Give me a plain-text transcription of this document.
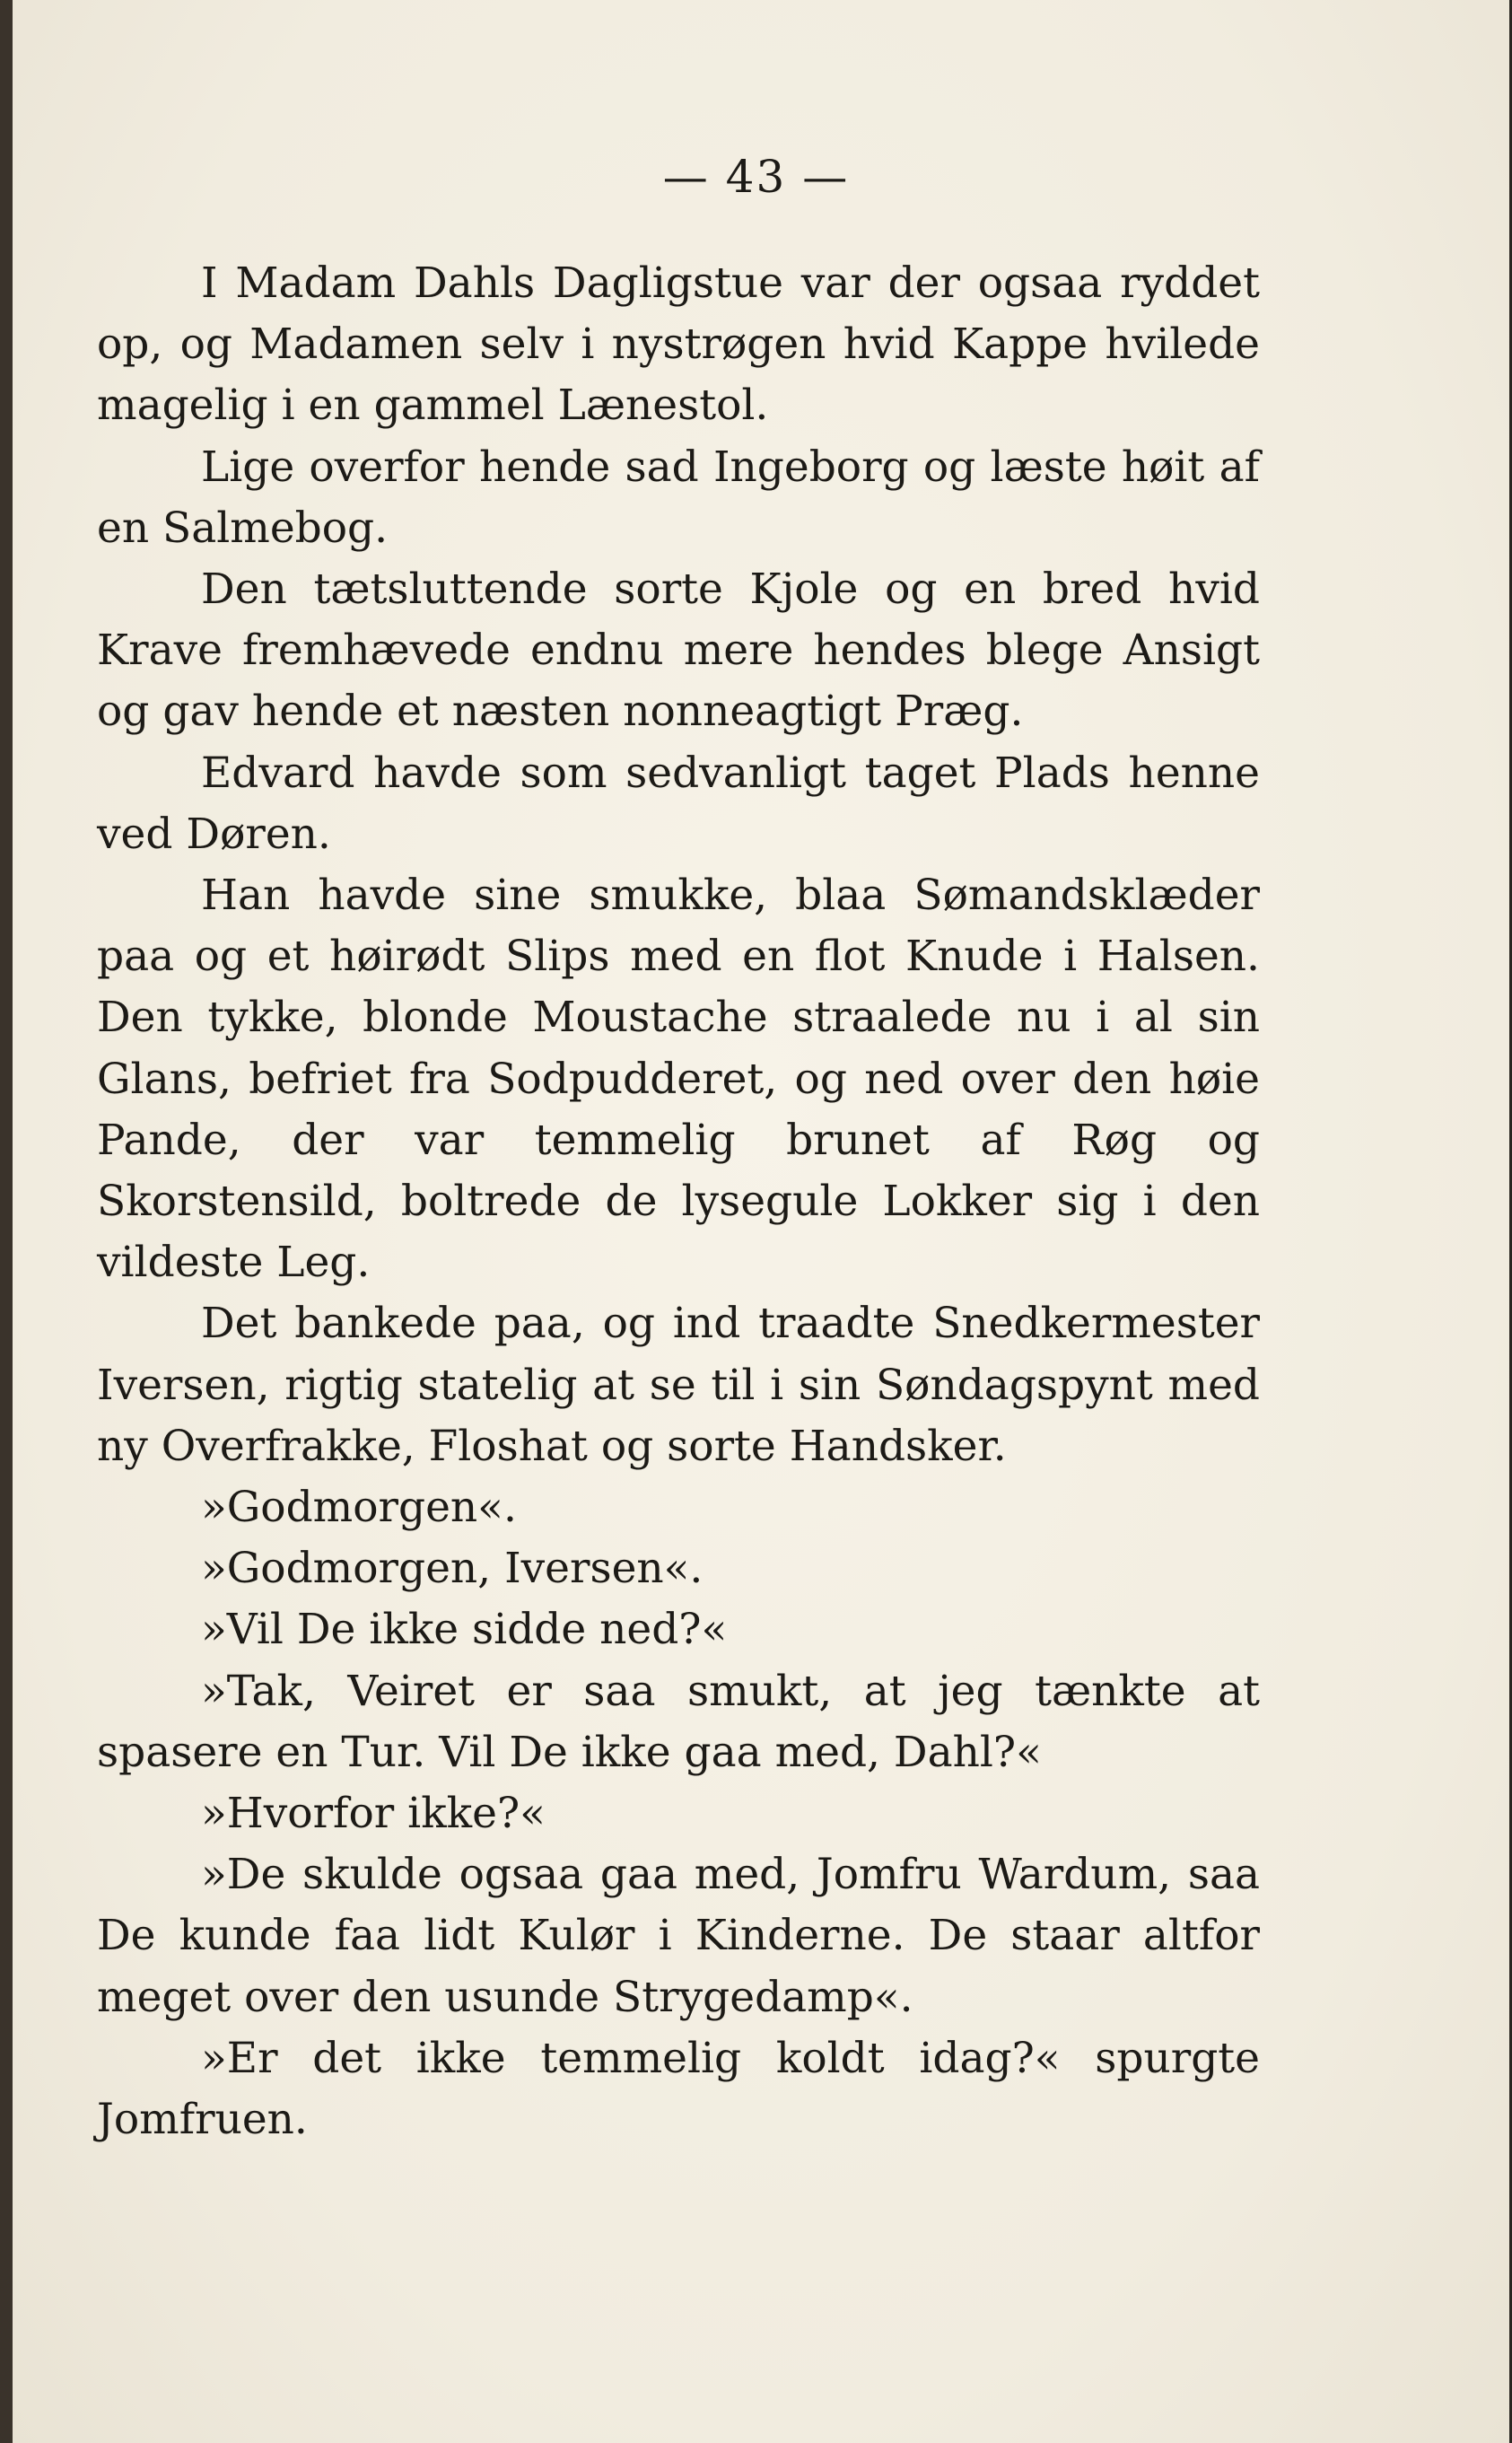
— 43 —

I Madam Dahls Dagligstue var der ogsaa ryddet op, og Madamen selv i nystrøgen hvid Kappe hvilede magelig i en gammel Lænestol.

Lige overfor hende sad Ingeborg og læste høit af en Salmebog.

Den tætsluttende sorte Kjole og en bred hvid Krave fremhævede endnu mere hendes blege Ansigt og gav hende et næsten nonneagtigt Præg.

Edvard havde som sedvanligt taget Plads henne ved Døren.

Han havde sine smukke, blaa Sømandsklæder paa og et høirødt Slips med en flot Knude i Halsen. Den tykke, blonde Moustache straalede nu i al sin Glans, befriet fra Sodpudderet, og ned over den høie Pande, der var temmelig brunet af Røg og Skorstensild, boltrede de lysegule Lokker sig i den vildeste Leg.

Det bankede paa, og ind traadte Snedkermester Iversen, rigtig statelig at se til i sin Søndagspynt med ny Overfrakke, Floshat og sorte Handsker.

»Godmorgen«.

»Godmorgen, Iversen«.

»Vil De ikke sidde ned?«

»Tak, Veiret er saa smukt, at jeg tænkte at spasere en Tur. Vil De ikke gaa med, Dahl?«

»Hvorfor ikke?«

»De skulde ogsaa gaa med, Jomfru Wardum, saa De kunde faa lidt Kulør i Kinderne. De staar altfor meget over den usunde Strygedamp«.

»Er det ikke temmelig koldt idag?« spurgte Jomfruen.
